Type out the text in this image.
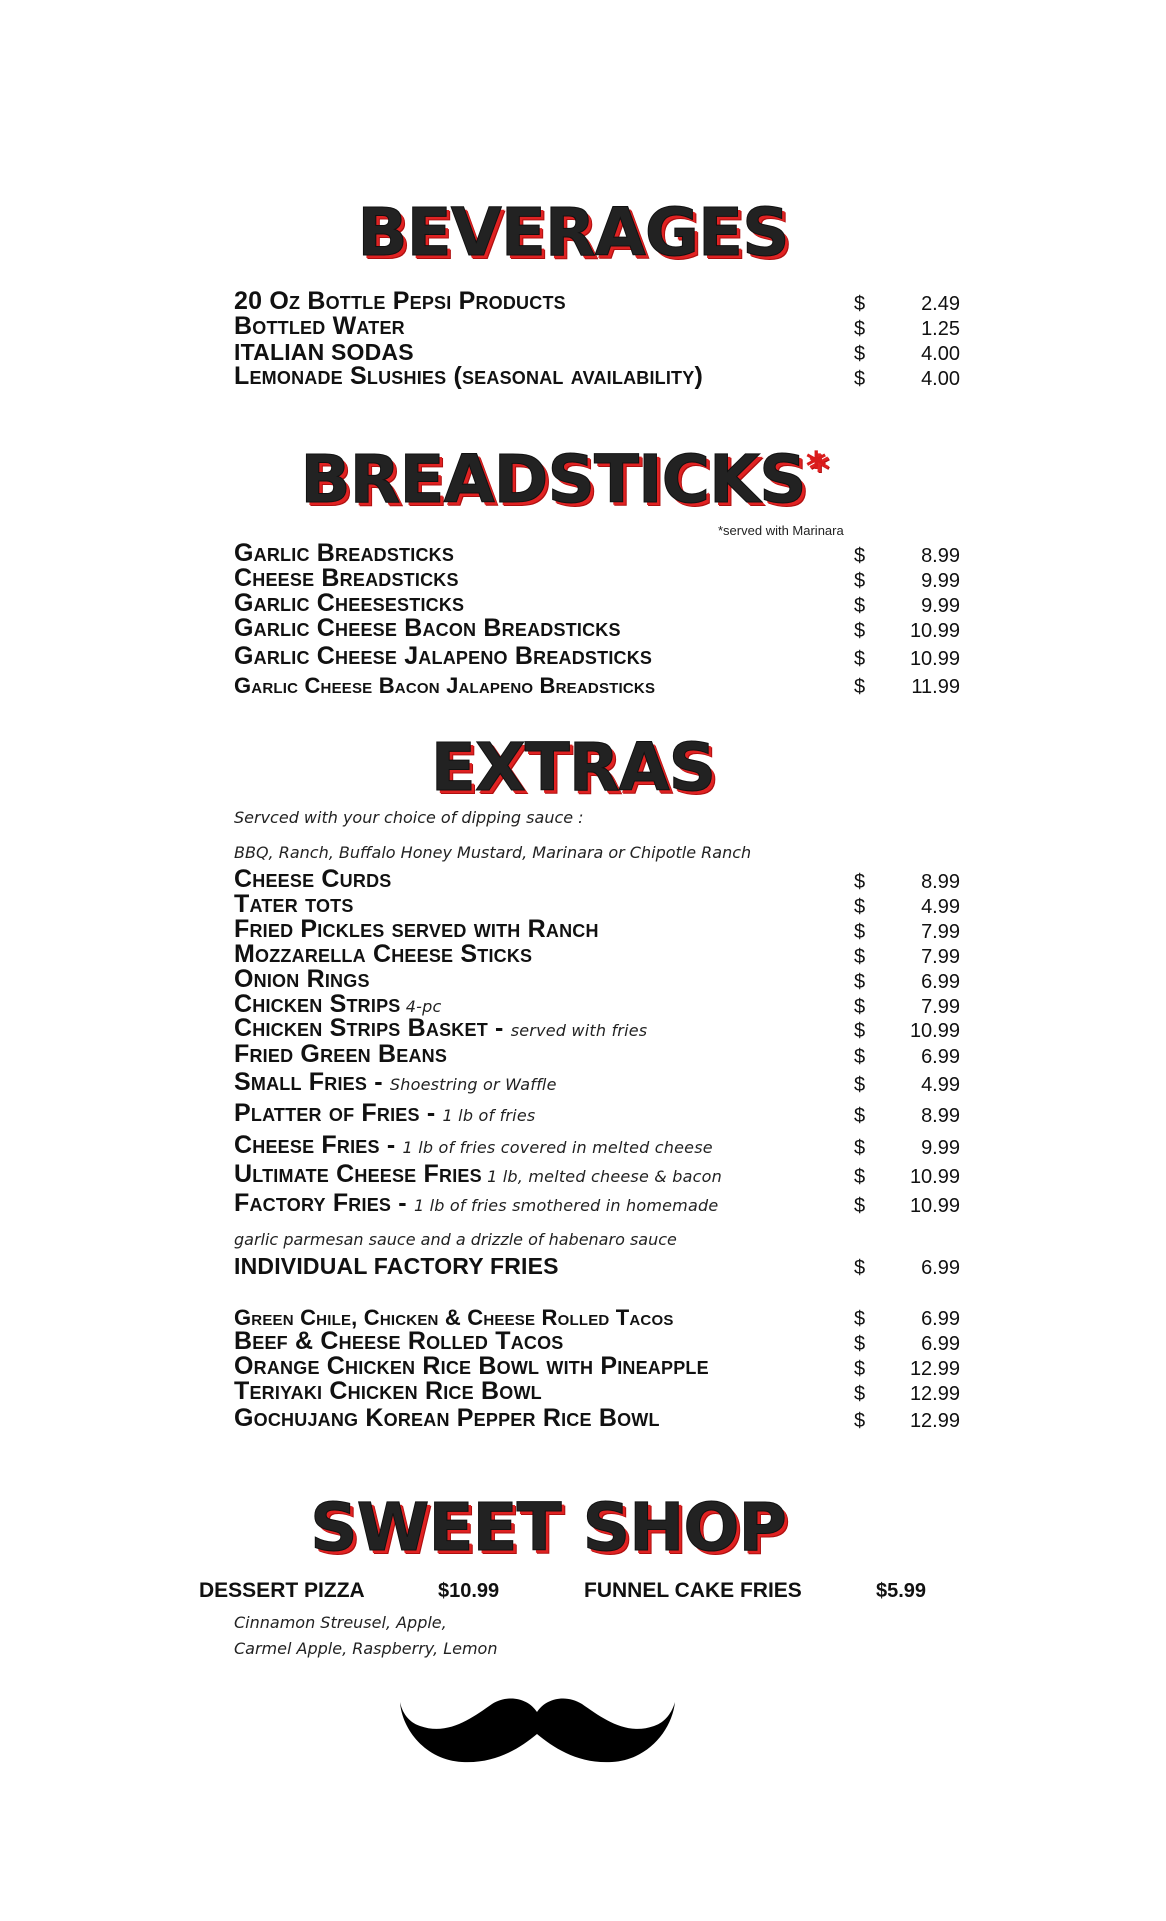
BEVERAGES
20 Oz Bottle Pepsi Products	$	2.49
Bottled Water	$	1.25
ITALIAN SODAS	$	4.00
Lemonade Slushies (seasonal availability)	$	4.00
BREADSTICKS*
*served with Marinara
Garlic Breadsticks	$	8.99
Cheese Breadsticks	$	9.99
Garlic Cheesesticks	$	9.99
Garlic Cheese Bacon Breadsticks	$ 10.99
Garlic Cheese Jalapeno Breadsticks	$ 10.99
Garlic Cheese Bacon Jalapeno Breadsticks	$ 11.99
EXTRAS
Servced with your choice of dipping sauce :
BBQ, Ranch, Buffalo Honey Mustard, Marinara or Chipotle Ranch
Cheese Curds	$	8.99
Tater tots	$	4.99
Fried Pickles served with Ranch	$	7.99
Mozzarella Cheese Sticks	$	7.99
Onion Rings	$	6.99
Chicken Strips 4-pc	$	7.99
Chicken Strips Basket - served with fries	$ 10.99
Fried Green Beans	$	6.99
Small Fries - Shoestring or Waffle	$	4.99
Platter of Fries - 1 lb of fries	$	8.99
Cheese Fries - 1 lb of fries covered in melted cheese	$	9.99
Ultimate Cheese Fries 1 lb, melted cheese & bacon	$ 10.99
Factory Fries - 1 lb of fries smothered in homemade	$ 10.99
garlic parmesan sauce and a drizzle of habenaro sauce
INDIVIDUAL FACTORY FRIES	$	6.99
Green Chile, Chicken & Cheese Rolled Tacos	$	6.99
Beef & Cheese Rolled Tacos	$	6.99
Orange Chicken Rice Bowl with Pineapple	$ 12.99
Teriyaki Chicken Rice Bowl	$ 12.99
Gochujang Korean Pepper Rice Bowl	$ 12.99
SWEET SHOP
DESSERT PIZZA	$10.99	FUNNEL CAKE FRIES	$5.99
Cinnamon Streusel, Apple,
Carmel Apple, Raspberry, Lemon
